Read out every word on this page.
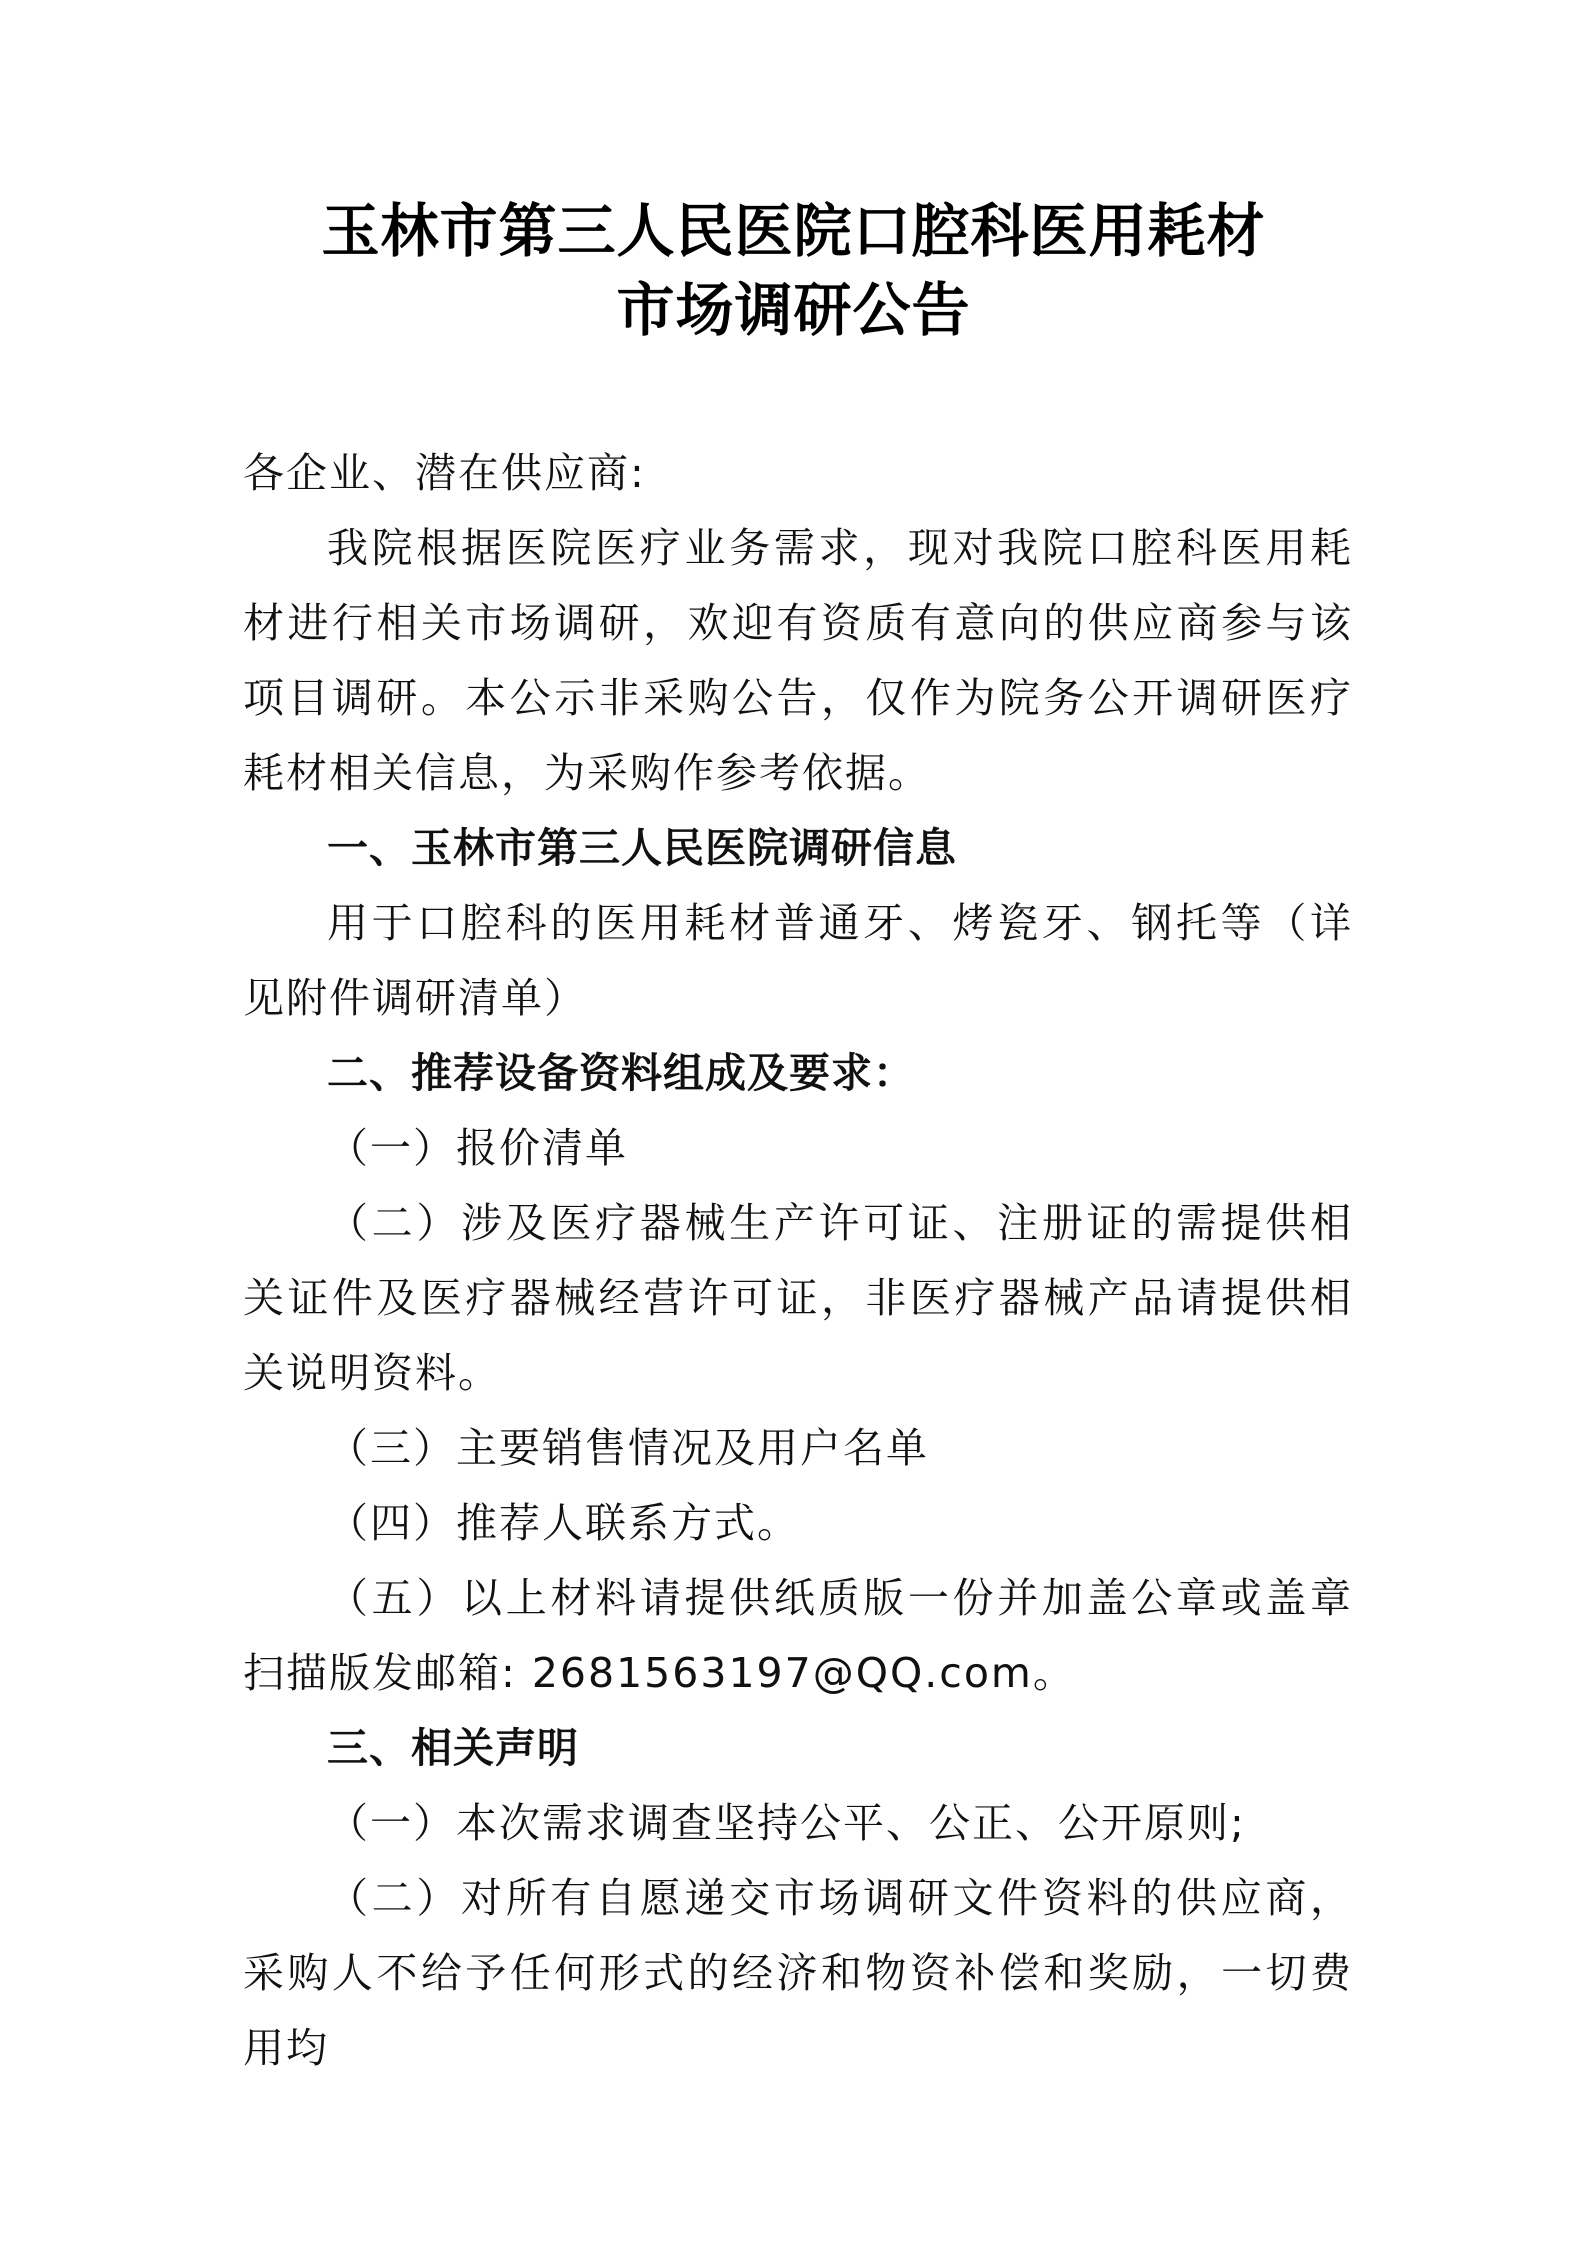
玉林市第三人民医院口腔科医用耗材
市场调研公告

各企业、潜在供应商:

我院根据医院医疗业务需求，现对我院口腔科医用耗材进行相关市场调研，欢迎有资质有意向的供应商参与该项目调研。本公示非采购公告，仅作为院务公开调研医疗耗材相关信息，为采购作参考依据。

一、玉林市第三人民医院调研信息

用于口腔科的医用耗材普通牙、烤瓷牙、钢托等（详见附件调研清单）

二、推荐设备资料组成及要求：

（一）报价清单

（二）涉及医疗器械生产许可证、注册证的需提供相关证件及医疗器械经营许可证，非医疗器械产品请提供相关说明资料。

（三）主要销售情况及用户名单

（四）推荐人联系方式。

（五）以上材料请提供纸质版一份并加盖公章或盖章扫描版发邮箱: 2681563197@QQ.com。

三、相关声明

（一）本次需求调查坚持公平、公正、公开原则;

（二）对所有自愿递交市场调研文件资料的供应商，采购人不给予任何形式的经济和物资补偿和奖励，一切费用均
